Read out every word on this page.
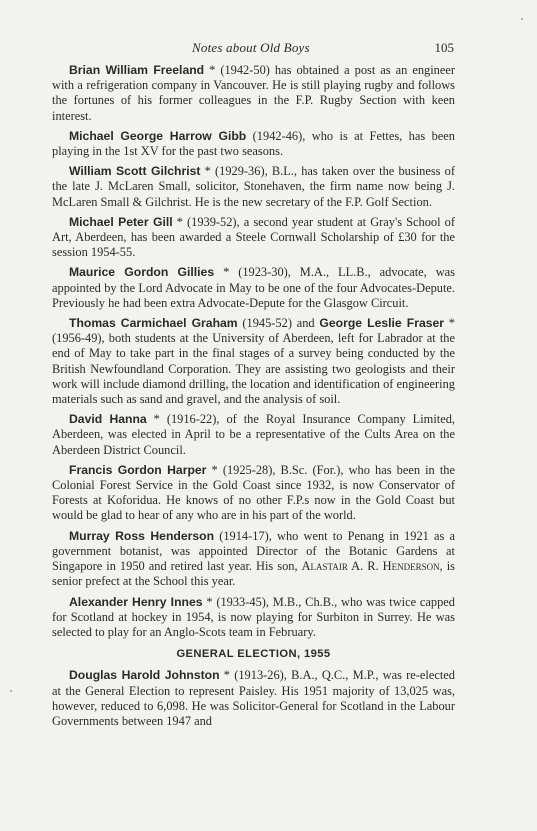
Notes about Old Boys	105

Brian William Freeland * (1942-50) has obtained a post as an engineer with a refrigeration company in Vancouver. He is still playing rugby and follows the fortunes of his former colleagues in the F.P. Rugby Section with keen interest.

Michael George Harrow Gibb (1942-46), who is at Fettes, has been playing in the 1st XV for the past two seasons.

William Scott Gilchrist * (1929-36), B.L., has taken over the business of the late J. McLaren Small, solicitor, Stonehaven, the firm name now being J. McLaren Small & Gilchrist. He is the new secretary of the F.P. Golf Section.

Michael Peter Gill * (1939-52), a second year student at Gray's School of Art, Aberdeen, has been awarded a Steele Cornwall Scholarship of £30 for the session 1954-55.

Maurice Gordon Gillies * (1923-30), M.A., LL.B., advocate, was appointed by the Lord Advocate in May to be one of the four Advocates-Depute. Previously he had been extra Advocate-Depute for the Glasgow Circuit.

Thomas Carmichael Graham (1945-52) and George Leslie Fraser * (1956-49), both students at the University of Aberdeen, left for Labrador at the end of May to take part in the final stages of a survey being conducted by the British Newfoundland Corporation. They are assisting two geologists and their work will include diamond drilling, the location and identification of engineering materials such as sand and gravel, and the analysis of soil.

David Hanna * (1916-22), of the Royal Insurance Company Limited, Aberdeen, was elected in April to be a representative of the Cults Area on the Aberdeen District Council.

Francis Gordon Harper * (1925-28), B.Sc. (For.), who has been in the Colonial Forest Service in the Gold Coast since 1932, is now Conservator of Forests at Koforidua. He knows of no other F.P.s now in the Gold Coast but would be glad to hear of any who are in his part of the world.

Murray Ross Henderson (1914-17), who went to Penang in 1921 as a government botanist, was appointed Director of the Botanic Gardens at Singapore in 1950 and retired last year. His son, Alastair A. R. Henderson, is senior prefect at the School this year.

Alexander Henry Innes * (1933-45), M.B., Ch.B., who was twice capped for Scotland at hockey in 1954, is now playing for Surbiton in Surrey. He was selected to play for an Anglo-Scots team in February.

GENERAL ELECTION, 1955

Douglas Harold Johnston * (1913-26), B.A., Q.C., M.P., was re-elected at the General Election to represent Paisley. His 1951 majority of 13,025 was, however, reduced to 6,098. He was Solicitor-General for Scotland in the Labour Governments between 1947 and
